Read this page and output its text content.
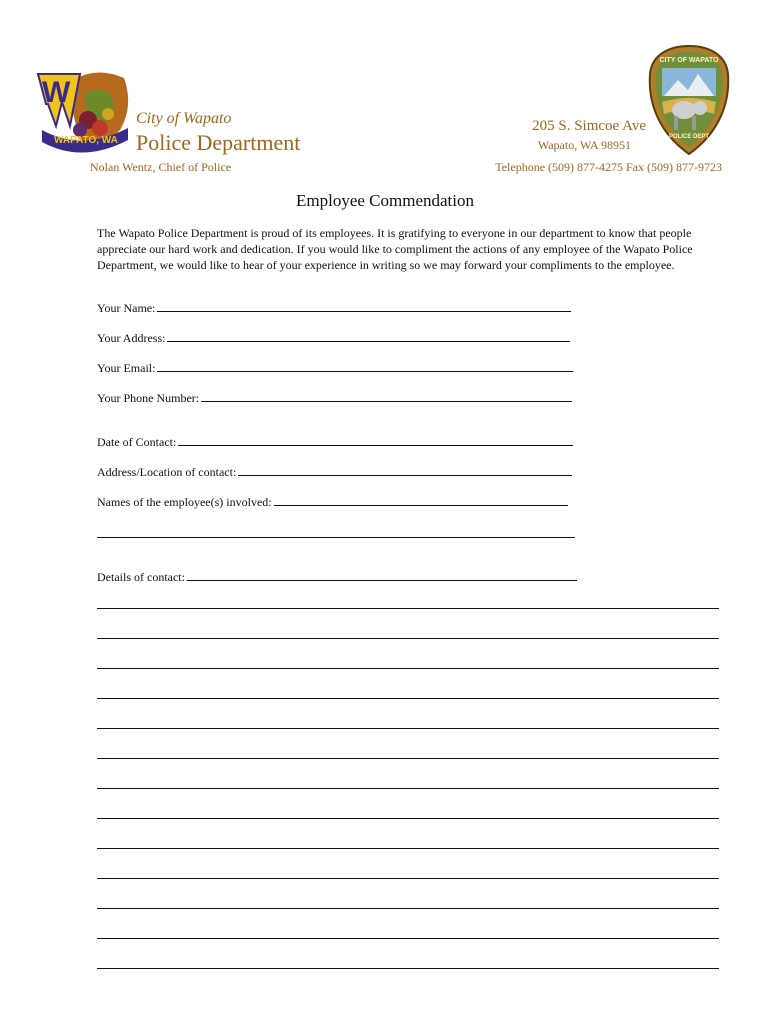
W
WAPATO, WA
City of Wapato
Police Department
Nolan Wentz, Chief of Police
205 S. Simcoe Ave
Wapato, WA 98951
Telephone (509) 877-4275 Fax (509) 877-9723
CITY OF WAPATO
POLICE DEPT
Employee Commendation
The Wapato Police Department is proud of its employees. It is gratifying to everyone in our department to know that people appreciate our hard work and dedication. If you would like to compliment the actions of any employee of the Wapato Police Department, we would like to hear of your experience in writing so we may forward your compliments to the employee.
Your Name:
Your Address:
Your Email:
Your Phone Number:
Date of Contact:
Address/Location of contact:
Names of the employee(s) involved:
Details of contact:
